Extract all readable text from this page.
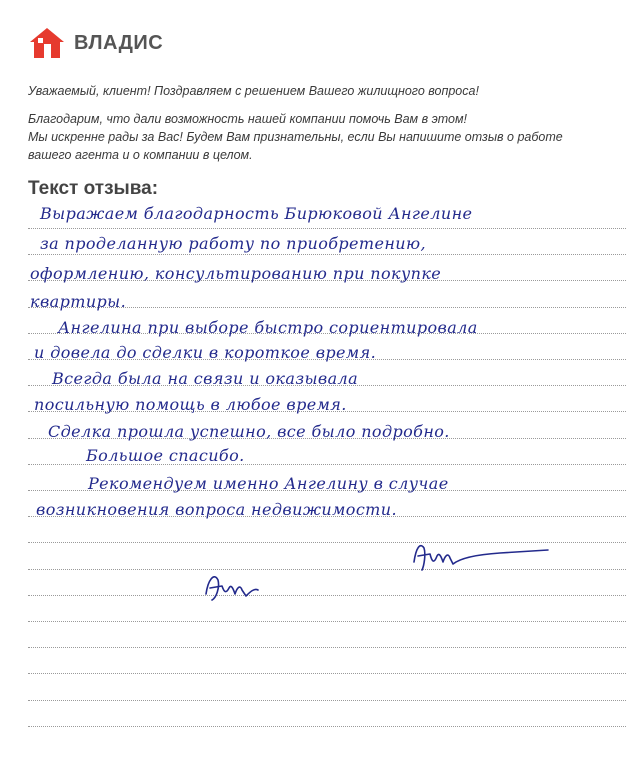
ВЛАДИС

Уважаемый, клиент! Поздравляем с решением Вашего жилищного вопроса!

Благодарим, что дали возможность нашей компании помочь Вам в этом!

Мы искренне рады за Вас! Будем Вам признательны, если Вы напишите отзыв о работе

вашего агента и о компании в целом.

Текст отзыва:
Выражаем благодарность Бирюковой Ангелине
за проделанную работу по приобретению,
оформлению, консультированию при покупке
квартиры.
Ангелина при выборе быстро сориентировала
и довела до сделки в короткое время.
Всегда была на связи и оказывала
посильную помощь в любое время.
Сделка прошла успешно, все было подробно.
Большое спасибо.
Рекомендуем именно Ангелину в случае
возникновения вопроса недвижимости.
